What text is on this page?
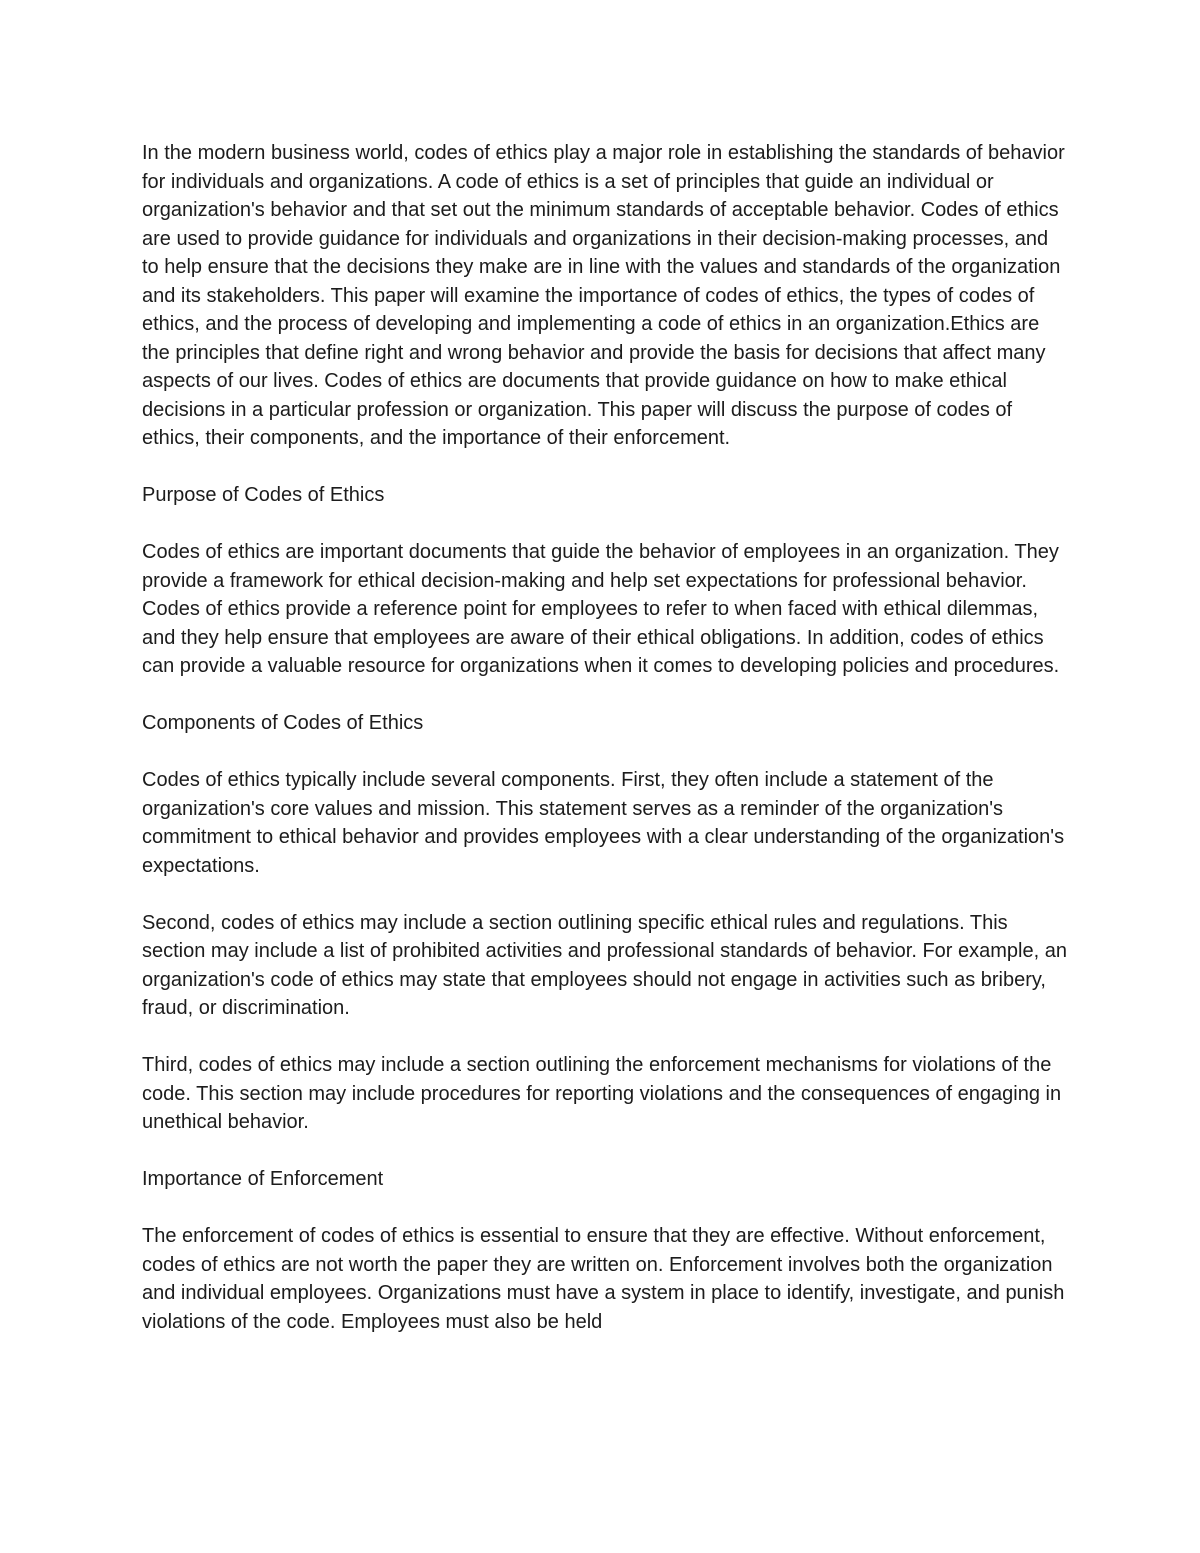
In the modern business world, codes of ethics play a major role in establishing the standards of behavior for individuals and organizations. A code of ethics is a set of principles that guide an individual or organization's behavior and that set out the minimum standards of acceptable behavior. Codes of ethics are used to provide guidance for individuals and organizations in their decision-making processes, and to help ensure that the decisions they make are in line with the values and standards of the organization and its stakeholders. This paper will examine the importance of codes of ethics, the types of codes of ethics, and the process of developing and implementing a code of ethics in an organization.Ethics are the principles that define right and wrong behavior and provide the basis for decisions that affect many aspects of our lives. Codes of ethics are documents that provide guidance on how to make ethical decisions in a particular profession or organization. This paper will discuss the purpose of codes of ethics, their components, and the importance of their enforcement.

Purpose of Codes of Ethics

Codes of ethics are important documents that guide the behavior of employees in an organization. They provide a framework for ethical decision-making and help set expectations for professional behavior. Codes of ethics provide a reference point for employees to refer to when faced with ethical dilemmas, and they help ensure that employees are aware of their ethical obligations. In addition, codes of ethics can provide a valuable resource for organizations when it comes to developing policies and procedures.

Components of Codes of Ethics

Codes of ethics typically include several components. First, they often include a statement of the organization's core values and mission. This statement serves as a reminder of the organization's commitment to ethical behavior and provides employees with a clear understanding of the organization's expectations.

Second, codes of ethics may include a section outlining specific ethical rules and regulations. This section may include a list of prohibited activities and professional standards of behavior. For example, an organization's code of ethics may state that employees should not engage in activities such as bribery, fraud, or discrimination.

Third, codes of ethics may include a section outlining the enforcement mechanisms for violations of the code. This section may include procedures for reporting violations and the consequences of engaging in unethical behavior.

Importance of Enforcement

The enforcement of codes of ethics is essential to ensure that they are effective. Without enforcement, codes of ethics are not worth the paper they are written on. Enforcement involves both the organization and individual employees. Organizations must have a system in place to identify, investigate, and punish violations of the code. Employees must also be held
